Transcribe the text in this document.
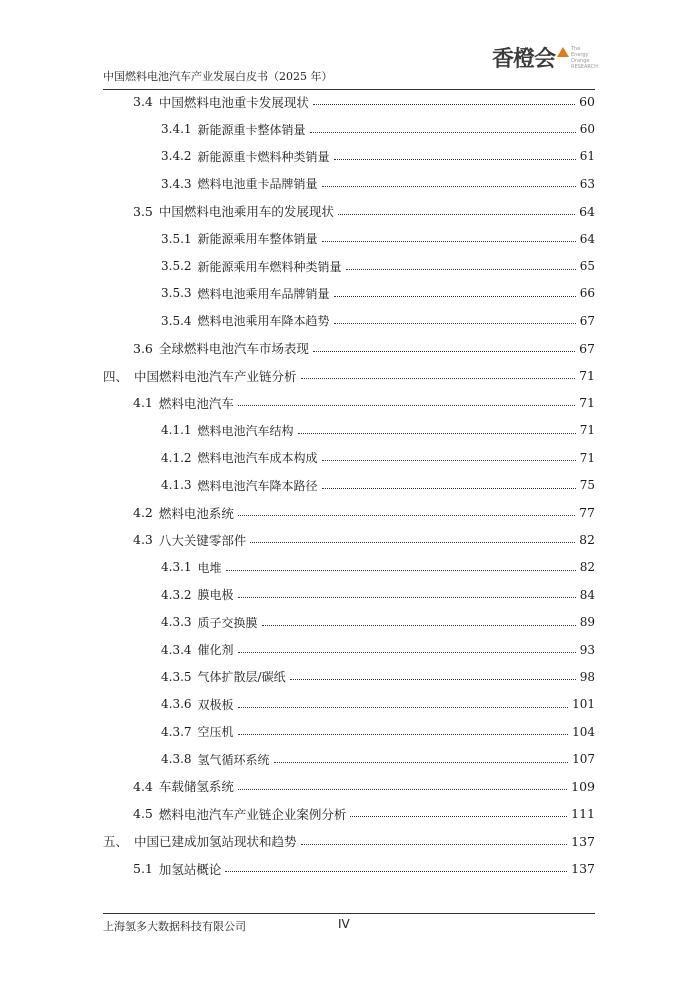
中国燃料电池汽车产业发展白皮书（2025 年）
香橙会	The Energy Orange RESEARCH
3.4 中国燃料电池重卡发展现状	60
3.4.1 新能源重卡整体销量	60
3.4.2 新能源重卡燃料种类销量	61
3.4.3 燃料电池重卡品牌销量	63
3.5 中国燃料电池乘用车的发展现状	64
3.5.1 新能源乘用车整体销量	64
3.5.2 新能源乘用车燃料种类销量	65
3.5.3 燃料电池乘用车品牌销量	66
3.5.4 燃料电池乘用车降本趋势	67
3.6 全球燃料电池汽车市场表现	67
四、 中国燃料电池汽车产业链分析	71
4.1 燃料电池汽车	71
4.1.1 燃料电池汽车结构	71
4.1.2 燃料电池汽车成本构成	71
4.1.3 燃料电池汽车降本路径	75
4.2 燃料电池系统	77
4.3 八大关键零部件	82
4.3.1 电堆	82
4.3.2 膜电极	84
4.3.3 质子交换膜	89
4.3.4 催化剂	93
4.3.5 气体扩散层/碳纸	98
4.3.6 双极板	101
4.3.7 空压机	104
4.3.8 氢气循环系统	107
4.4 车载储氢系统	109
4.5 燃料电池汽车产业链企业案例分析	111
五、 中国已建成加氢站现状和趋势	137
5.1 加氢站概论	137
上海氢多大数据科技有限公司	IV
